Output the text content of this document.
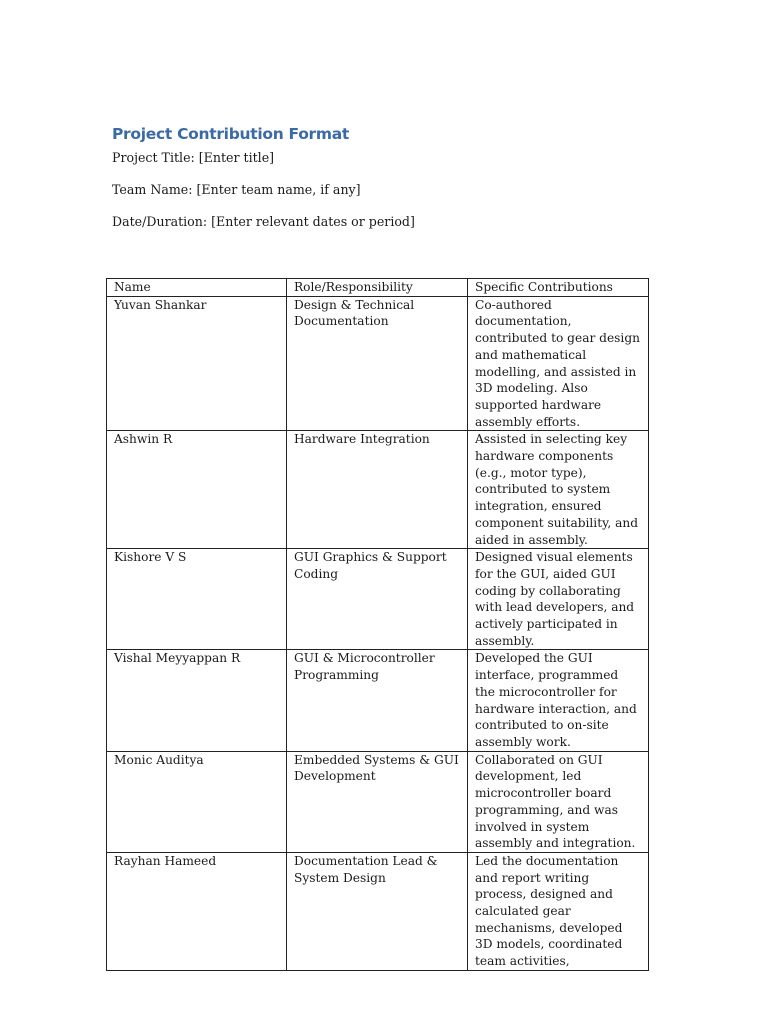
Project Contribution Format

Project Title: [Enter title]

Team Name: [Enter team name, if any]

Date/Duration: [Enter relevant dates or period]

Name	Role/Responsibility	Specific Contributions
Yuvan Shankar	Design & Technical Documentation	Co-authored documentation, contributed to gear design and mathematical modelling, and assisted in 3D modeling. Also supported hardware assembly efforts.
Ashwin R	Hardware Integration	Assisted in selecting key hardware components (e.g., motor type), contributed to system integration, ensured component suitability, and aided in assembly.
Kishore V S	GUI Graphics & Support Coding	Designed visual elements for the GUI, aided GUI coding by collaborating with lead developers, and actively participated in assembly.
Vishal Meyyappan R	GUI & Microcontroller Programming	Developed the GUI interface, programmed the microcontroller for hardware interaction, and contributed to on-site assembly work.
Monic Auditya	Embedded Systems & GUI Development	Collaborated on GUI development, led microcontroller board programming, and was involved in system assembly and integration.
Rayhan Hameed	Documentation Lead & System Design	Led the documentation and report writing process, designed and calculated gear mechanisms, developed 3D models, coordinated team activities,
